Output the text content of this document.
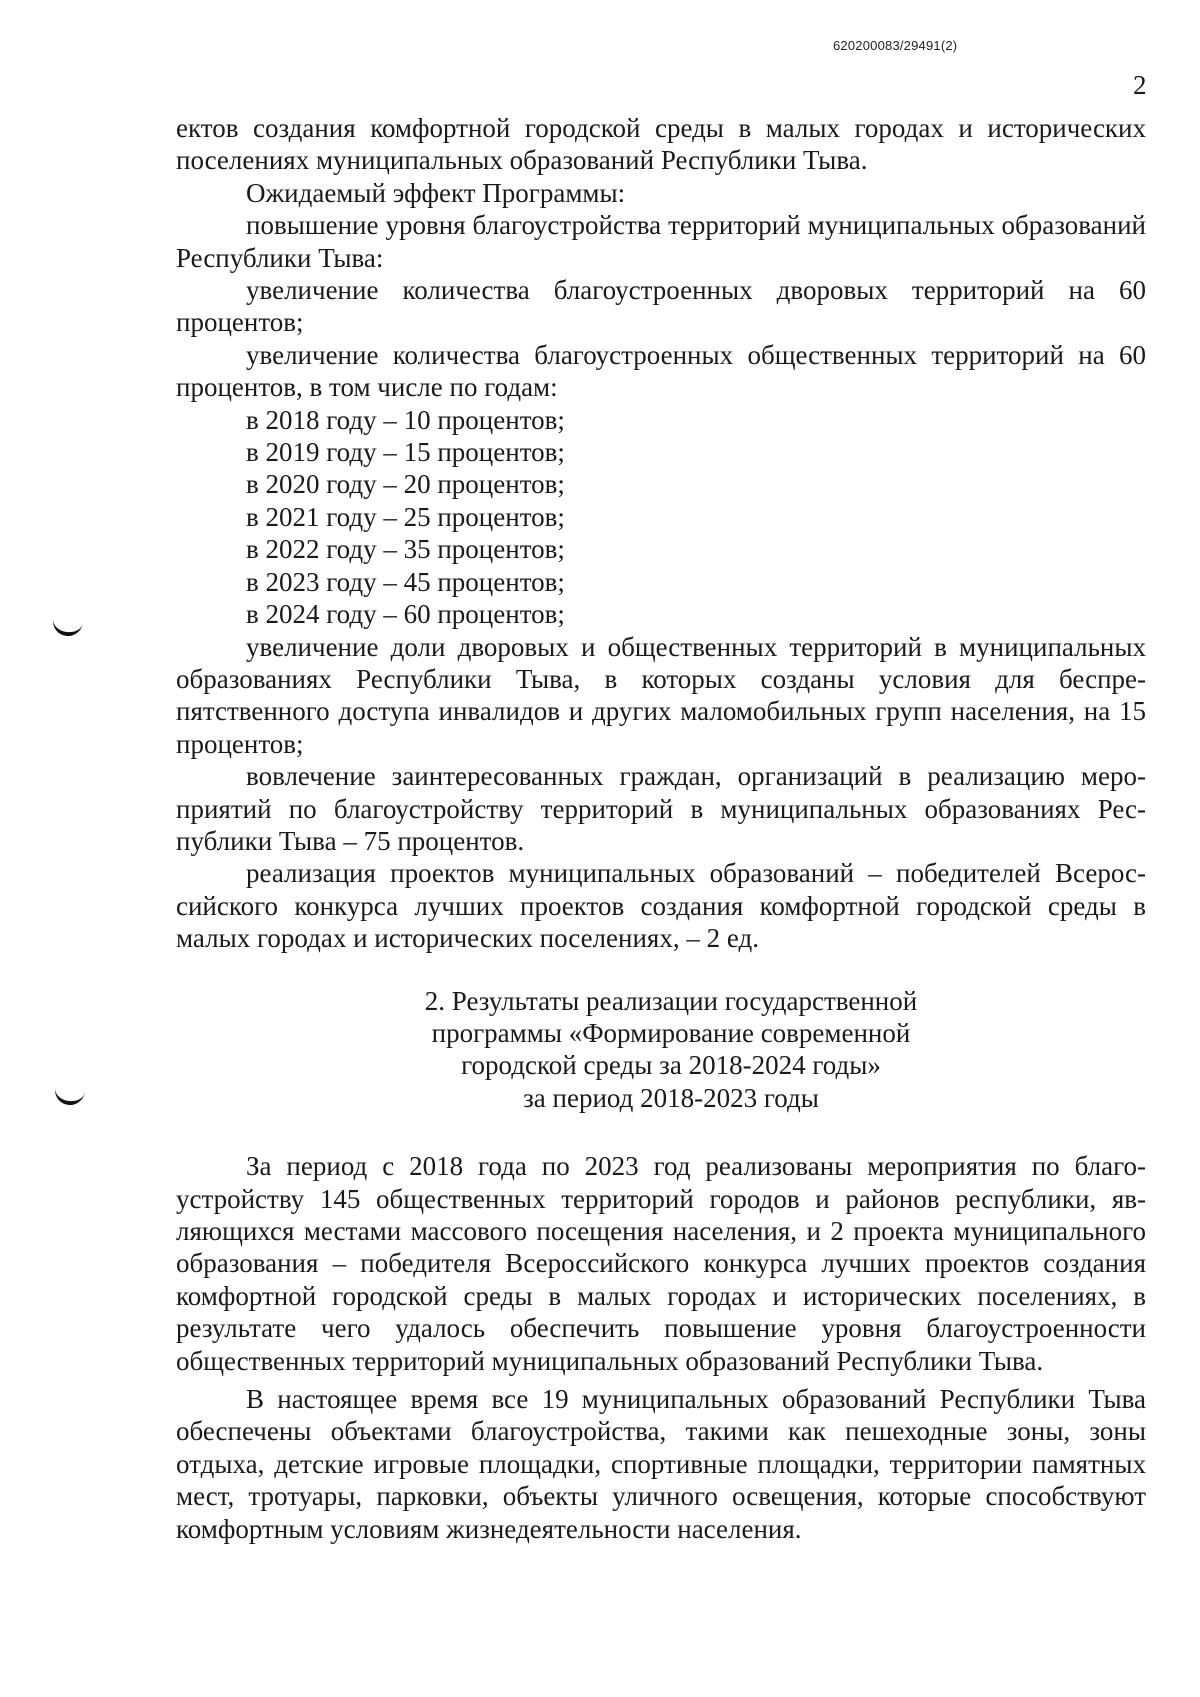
620200083/29491(2)
2

ектов создания комфортной городской среды в малых городах и исторических поселениях муниципальных образований Республики Тыва.

Ожидаемый эффект Программы:

повышение уровня благоустройства территорий муниципальных образований Республики Тыва:

увеличение количества благоустроенных дворовых территорий на 60 процентов;

увеличение количества благоустроенных общественных территорий на 60 процентов, в том числе по годам:

в 2018 году – 10 процентов;

в 2019 году – 15 процентов;

в 2020 году – 20 процентов;

в 2021 году – 25 процентов;

в 2022 году – 35 процентов;

в 2023 году – 45 процентов;

в 2024 году – 60 процентов;

увеличение доли дворовых и общественных территорий в муниципальных образованиях Республики Тыва, в которых созданы условия для беспрепятственного доступа инвалидов и других маломобильных групп населения, на 15 процентов;

вовлечение заинтересованных граждан, организаций в реализацию мероприятий по благоустройству территорий в муниципальных образованиях Республики Тыва – 75 процентов.

реализация проектов муниципальных образований – победителей Всероссийского конкурса лучших проектов создания комфортной городской среды в малых городах и исторических поселениях, – 2 ед.

2. Результаты реализации государственной
программы «Формирование современной
городской среды за 2018-2024 годы»
за период 2018-2023 годы

За период с 2018 года по 2023 год реализованы мероприятия по благоустройству 145 общественных территорий городов и районов республики, являющихся местами массового посещения населения, и 2 проекта муниципального образования – победителя Всероссийского конкурса лучших проектов создания комфортной городской среды в малых городах и исторических поселениях, в результате чего удалось обеспечить повышение уровня благоустроенности общественных территорий муниципальных образований Республики Тыва.

В настоящее время все 19 муниципальных образований Республики Тыва обеспечены объектами благоустройства, такими как пешеходные зоны, зоны отдыха, детские игровые площадки, спортивные площадки, территории памятных мест, тротуары, парковки, объекты уличного освещения, которые способствуют комфортным условиям жизнедеятельности населения.
